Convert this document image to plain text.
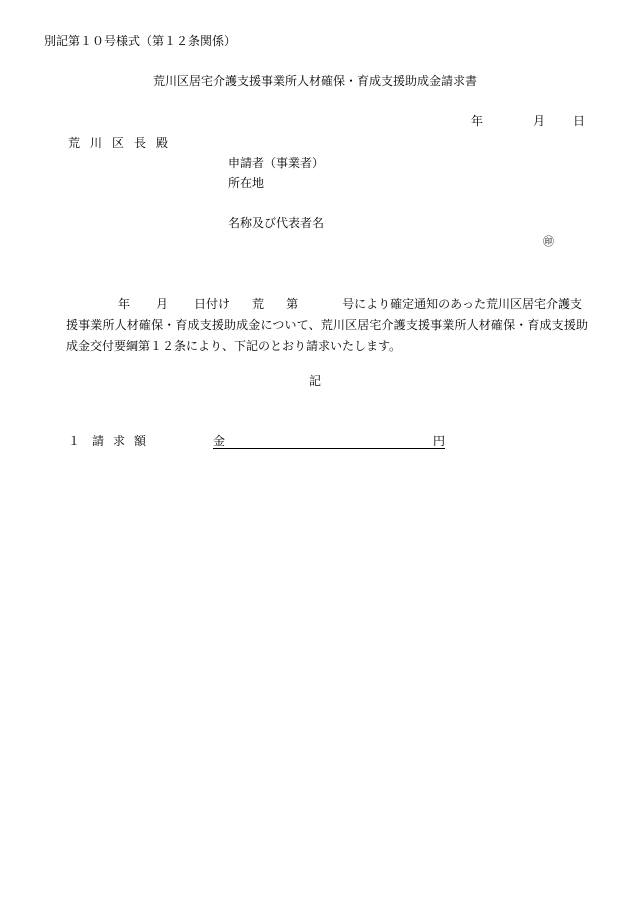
別記第１０号様式（第１２条関係）
荒川区居宅介護支援事業所人材確保・育成支援助成金請求書
年	月 日
荒川区長殿
申請者（事業者）
所在地
名称及び代表者名
㊞
年 月 日付け 荒 第	号により確定通知のあった荒川区居宅介護支
援事業所人材確保・育成支援助成金について、荒川区居宅介護支援事業所人材確保・育成支援助成金交付要綱第１２条により、下記のとおり請求いたします。
記
１ 請求額	金	円
